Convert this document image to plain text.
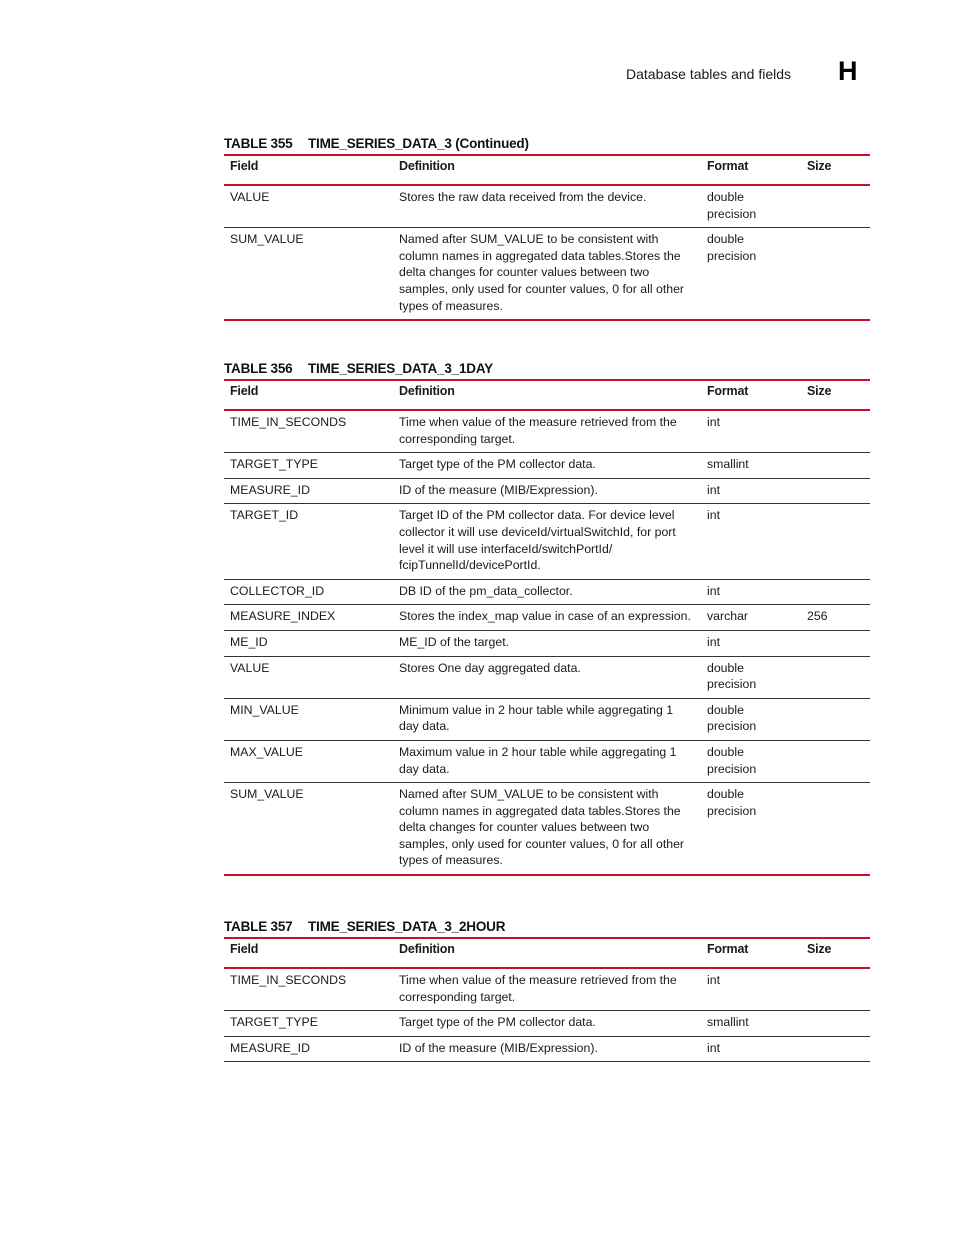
Database tables and fields H
TABLE 355 TIME_SERIES_DATA_3 (Continued)
Field	Definition	Format	Size
VALUE	Stores the raw data received from the device.	double precision	
SUM_VALUE	Named after SUM_VALUE to be consistent with column names in aggregated data tables.Stores the delta changes for counter values between two samples, only used for counter values, 0 for all other types of measures.	double precision	
TABLE 356 TIME_SERIES_DATA_3_1DAY
Field	Definition	Format	Size
TIME_IN_SECONDS	Time when value of the measure retrieved from the corresponding target.	int	
TARGET_TYPE	Target type of the PM collector data.	smallint	
MEASURE_ID	ID of the measure (MIB/Expression).	int	
TARGET_ID	Target ID of the PM collector data. For device level collector it will use deviceId/virtualSwitchId, for port level it will use interfaceId/switchPortId/ fcipTunnelId/devicePortId.	int	
COLLECTOR_ID	DB ID of the pm_data_collector.	int	
MEASURE_INDEX	Stores the index_map value in case of an expression.	varchar	256
ME_ID	ME_ID of the target.	int	
VALUE	Stores One day aggregated data.	double precision	
MIN_VALUE	Minimum value in 2 hour table while aggregating 1 day data.	double precision	
MAX_VALUE	Maximum value in 2 hour table while aggregating 1 day data.	double precision	
SUM_VALUE	Named after SUM_VALUE to be consistent with column names in aggregated data tables.Stores the delta changes for counter values between two samples, only used for counter values, 0 for all other types of measures.	double precision	
TABLE 357 TIME_SERIES_DATA_3_2HOUR
Field	Definition	Format	Size
TIME_IN_SECONDS	Time when value of the measure retrieved from the corresponding target.	int	
TARGET_TYPE	Target type of the PM collector data.	smallint	
MEASURE_ID	ID of the measure (MIB/Expression).	int	
